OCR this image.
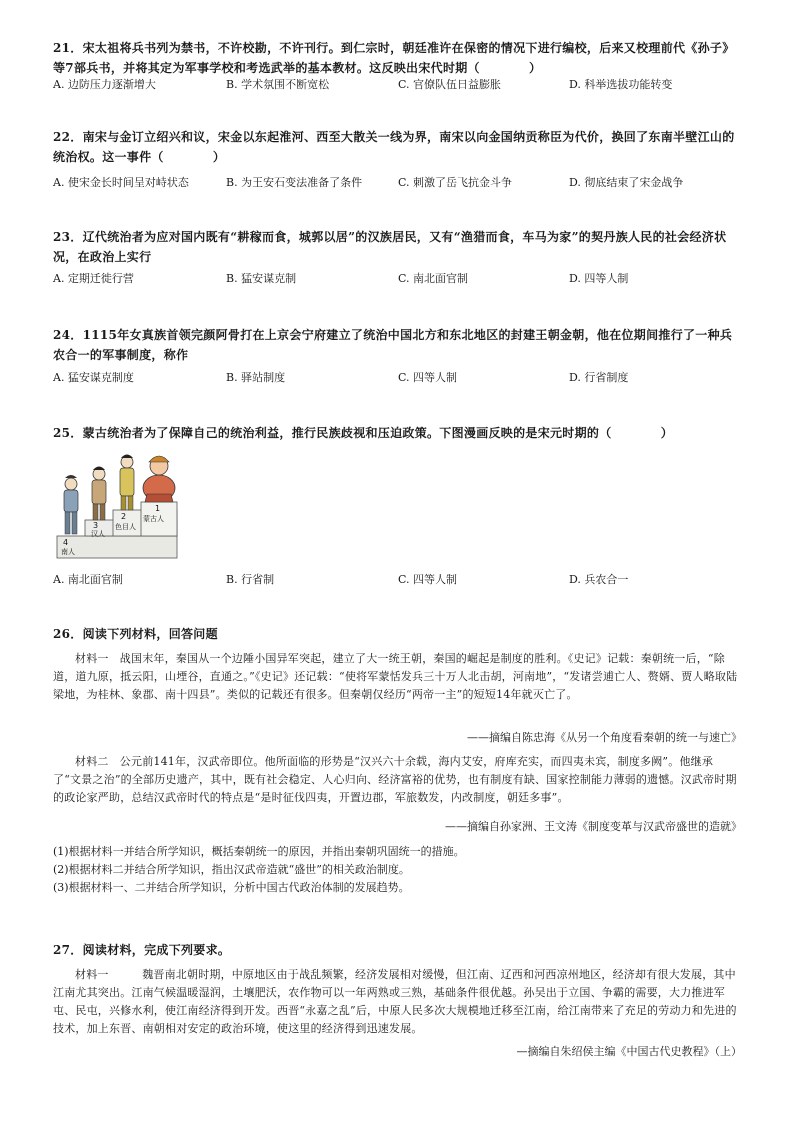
21．宋太祖将兵书列为禁书，不许校勘，不许刊行。到仁宗时，朝廷准许在保密的情况下进行编校，后来又校理前代《孙子》等7部兵书，并将其定为军事学校和考选武举的基本教材。这反映出宋代时期（　　　　）
A. 边防压力逐渐增大	B. 学术氛围不断宽松	C. 官僚队伍日益膨胀	D. 科举选拔功能转变
22．南宋与金订立绍兴和议，宋金以东起淮河、西至大散关一线为界，南宋以向金国纳贡称臣为代价，换回了东南半壁江山的统治权。这一事件（　　　　）
A. 使宋金长时间呈对峙状态	B. 为王安石变法准备了条件	C. 刺激了岳飞抗金斗争	D. 彻底结束了宋金战争
23．辽代统治者为应对国内既有“耕稼而食，城郭以居”的汉族居民，又有“渔猎而食，车马为家”的契丹族人民的社会经济状况，在政治上实行
A. 定期迁徙行营	B. 猛安谋克制	C. 南北面官制	D. 四等人制
24．1115年女真族首领完颜阿骨打在上京会宁府建立了统治中国北方和东北地区的封建王朝金朝，他在位期间推行了一种兵农合一的军事制度，称作
A. 猛安谋克制度	B. 驿站制度	C. 四等人制	D. 行省制度
25．蒙古统治者为了保障自己的统治利益，推行民族歧视和压迫政策。下图漫画反映的是宋元时期的（　　　　）
4
南人
3
汉人
2
色目人
1
蒙古人
A. 南北面官制	B. 行省制	C. 四等人制	D. 兵农合一
26．阅读下列材料，回答问题
材料一　战国末年，秦国从一个边陲小国异军突起，建立了大一统王朝，秦国的崛起是制度的胜利。《史记》记载：秦朝统一后，“除道，道九原，抵云阳，山堙谷，直通之。”《史记》还记载：“使将军蒙恬发兵三十万人北击胡，河南地”，“发诸尝逋亡人、赘婿、贾人略取陆梁地，为桂林、象郡、南十四县”。类似的记载还有很多。但秦朝仅经历“两帝一主”的短短14年就灭亡了。
——摘编自陈忠海《从另一个角度看秦朝的统一与速亡》
材料二　公元前141年，汉武帝即位。他所面临的形势是“汉兴六十余载，海内艾安，府库充实，而四夷未宾，制度多阙”。他继承了“文景之治”的全部历史遗产，其中，既有社会稳定、人心归向、经济富裕的优势，也有制度有缺、国家控制能力薄弱的遗憾。汉武帝时期的政论家严助，总结汉武帝时代的特点是“是时征伐四夷，开置边郡，军旅数发，内改制度，朝廷多事”。
——摘编自孙家洲、王文涛《制度变革与汉武帝盛世的造就》
(1)根据材料一并结合所学知识，概括秦朝统一的原因，并指出秦朝巩固统一的措施。
(2)根据材料二并结合所学知识，指出汉武帝造就“盛世”的相关政治制度。
(3)根据材料一、二并结合所学知识，分析中国古代政治体制的发展趋势。
27．阅读材料，完成下列要求。
材料一　　　魏晋南北朝时期，中原地区由于战乱频繁，经济发展相对缓慢，但江南、辽西和河西凉州地区，经济却有很大发展，其中江南尤其突出。江南气候温暖湿润，土壤肥沃，农作物可以一年两熟或三熟，基础条件很优越。孙吴出于立国、争霸的需要，大力推进军屯、民屯，兴修水利，使江南经济得到开发。西晋“永嘉之乱”后，中原人民多次大规模地迁移至江南，给江南带来了充足的劳动力和先进的技术，加上东晋、南朝相对安定的政治环境，使这里的经济得到迅速发展。
—摘编自朱绍侯主编《中国古代史教程》（上）
